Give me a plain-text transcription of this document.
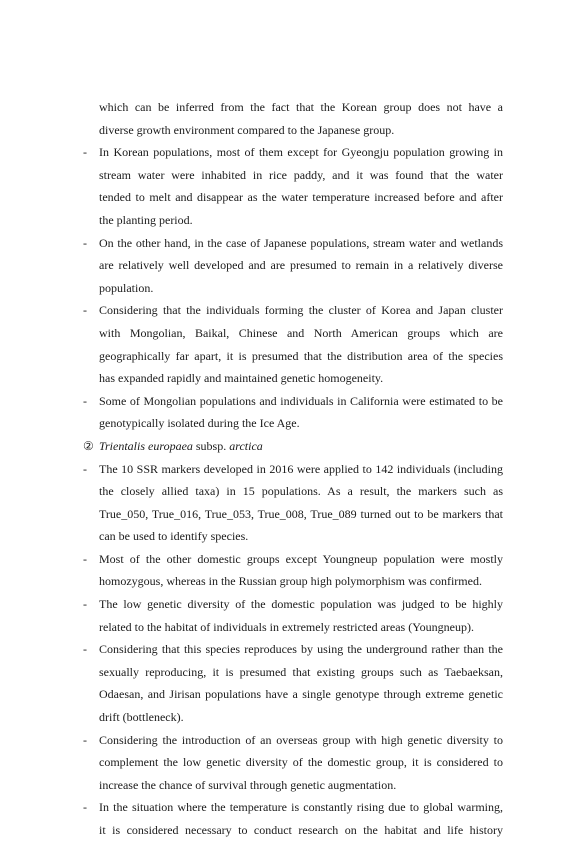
which can be inferred from the fact that the Korean group does not have a
diverse growth environment compared to the Japanese group.
- In Korean populations, most of them except for Gyeongju population growing in
stream water were inhabited in rice paddy, and it was found that the water
tended to melt and disappear as the water temperature increased before and after
the planting period.
- On the other hand, in the case of Japanese populations, stream water and wetlands
are relatively well developed and are presumed to remain in a relatively diverse
population.
- Considering that the individuals forming the cluster of Korea and Japan cluster
with Mongolian, Baikal, Chinese and North American groups which are
geographically far apart, it is presumed that the distribution area of the species
has expanded rapidly and maintained genetic homogeneity.
- Some of Mongolian populations and individuals in California were estimated to be
genotypically isolated during the Ice Age.
② Trientalis europaea subsp. arctica
- The 10 SSR markers developed in 2016 were applied to 142 individuals (including
the closely allied taxa) in 15 populations. As a result, the markers such as
True_050, True_016, True_053, True_008, True_089 turned out to be markers that
can be used to identify species.
- Most of the other domestic groups except Youngneup population were mostly
homozygous, whereas in the Russian group high polymorphism was confirmed.
- The low genetic diversity of the domestic population was judged to be highly
related to the habitat of individuals in extremely restricted areas (Youngneup).
- Considering that this species reproduces by using the underground rather than the
sexually reproducing, it is presumed that existing groups such as Taebaeksan,
Odaesan, and Jirisan populations have a single genotype through extreme genetic
drift (bottleneck).
- Considering the introduction of an overseas group with high genetic diversity to
complement the low genetic diversity of the domestic group, it is considered to
increase the chance of survival through genetic augmentation.
- In the situation where the temperature is constantly rising due to global warming,
it is considered necessary to conduct research on the habitat and life history
